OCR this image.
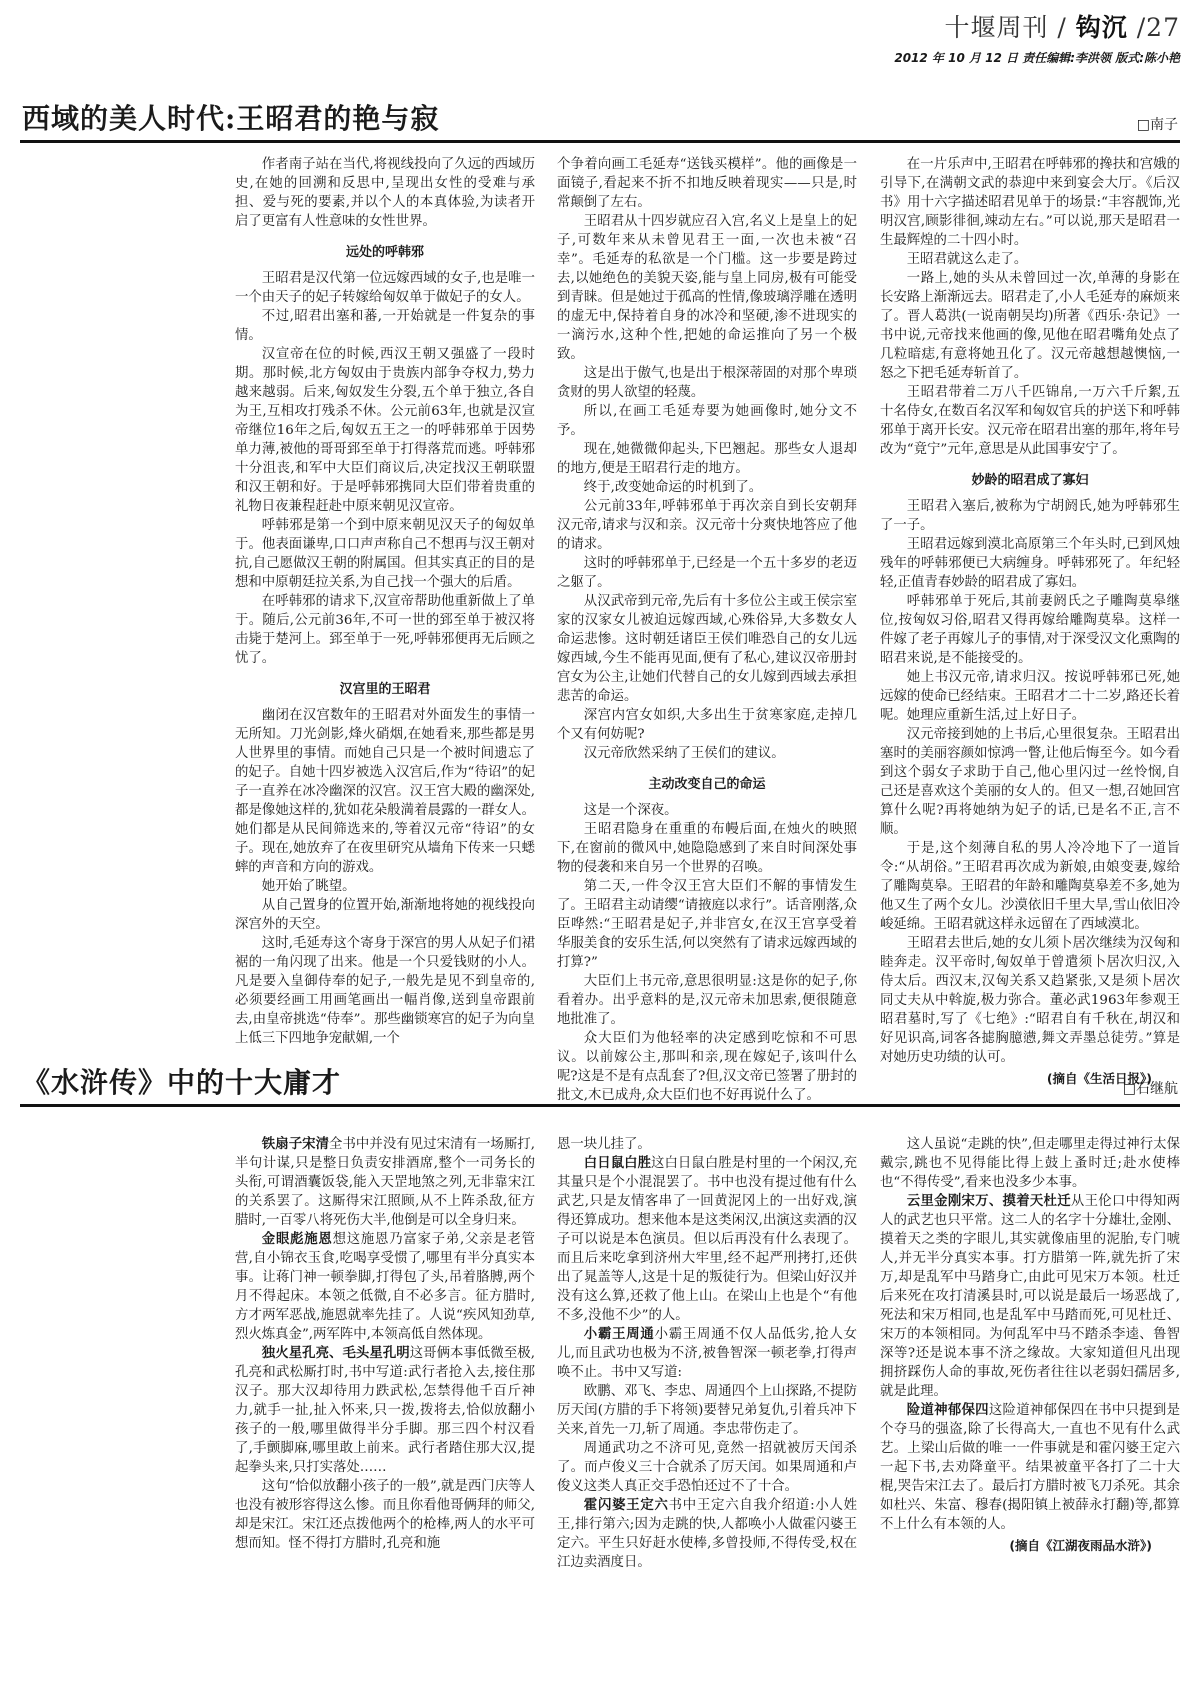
十堰周刊 / 钩沉 /27
2012 年 10 月 12 日 责任编辑:李洪领 版式:陈小艳
西域的美人时代:王昭君的艳与寂	□南子

作者南子站在当代,将视线投向了久远的西域历史,在她的回溯和反思中,呈现出女性的受难与承担、爱与死的要素,并以个人的本真体验,为读者开启了更富有人性意味的女性世界。

远处的呼韩邪

王昭君是汉代第一位远嫁西域的女子,也是唯一一个由天子的妃子转嫁给匈奴单于做妃子的女人。

不过,昭君出塞和蕃,一开始就是一件复杂的事情。

汉宣帝在位的时候,西汉王朝又强盛了一段时期。那时候,北方匈奴由于贵族内部争夺权力,势力越来越弱。后来,匈奴发生分裂,五个单于独立,各自为王,互相攻打残杀不休。公元前63年,也就是汉宣帝继位16年之后,匈奴五王之一的呼韩邪单于因势单力薄,被他的哥哥郅至单于打得落荒而逃。呼韩邪十分沮丧,和军中大臣们商议后,决定找汉王朝联盟和汉王朝和好。于是呼韩邪携同大臣们带着贵重的礼物日夜兼程赶赴中原来朝见汉宣帝。

呼韩邪是第一个到中原来朝见汉天子的匈奴单于。他表面谦卑,口口声声称自己不想再与汉王朝对抗,自己愿做汉王朝的附属国。但其实真正的目的是想和中原朝廷拉关系,为自己找一个强大的后盾。

在呼韩邪的请求下,汉宣帝帮助他重新做上了单于。随后,公元前36年,不可一世的郅至单于被汉将击毙于楚河上。郅至单于一死,呼韩邪便再无后顾之忧了。

汉宫里的王昭君

幽闭在汉宫数年的王昭君对外面发生的事情一无所知。刀光剑影,烽火硝烟,在她看来,那些都是男人世界里的事情。而她自己只是一个被时间遗忘了的妃子。自她十四岁被选入汉宫后,作为“待诏”的妃子一直养在冰冷幽深的汉宫。汉王宫大殿的幽深处,都是像她这样的,犹如花朵般満着晨露的一群女人。她们都是从民间筛选来的,等着汉元帝“待诏”的女子。现在,她放弃了在夜里研究从墙角下传来一只蟋蟀的声音和方向的游戏。

她开始了眺望。

从自己置身的位置开始,渐渐地将她的视线投向深宫外的天空。

这时,毛延寿这个寄身于深宫的男人从妃子们裙裾的一角闪现了出来。他是一个只爱钱财的小人。凡是要入皇御侍奉的妃子,一般先是见不到皇帝的,必须要经画工用画笔画出一幅肖像,送到皇帝跟前去,由皇帝挑选“侍奉”。那些幽锁寒宫的妃子为向皇上低三下四地争宠献媚,一个

个争着向画工毛延寿“送钱买模样”。他的画像是一面镜子,看起来不折不扣地反映着现实——只是,时常颠倒了左右。

王昭君从十四岁就应召入宫,名义上是皇上的妃子,可数年来从未曾见君王一面,一次也未被“召幸”。毛延寿的私欲是一个门槛。这一步要是跨过去,以她绝色的美貌天姿,能与皇上同房,极有可能受到青睐。但是她过于孤高的性情,像玻璃浮雕在透明的虚无中,保持着自身的冰冷和坚硬,渗不进现实的一滴污水,这种个性,把她的命运推向了另一个极致。

这是出于傲气,也是出于根深蒂固的对那个卑琐贪财的男人欲望的轻蔑。

所以,在画工毛延寿要为她画像时,她分文不予。

现在,她微微仰起头,下巴翘起。那些女人退却的地方,便是王昭君行走的地方。

终于,改变她命运的时机到了。

公元前33年,呼韩邪单于再次亲自到长安朝拜汉元帝,请求与汉和亲。汉元帝十分爽快地答应了他的请求。

这时的呼韩邪单于,已经是一个五十多岁的老迈之躯了。

从汉武帝到元帝,先后有十多位公主或王侯宗室家的汉家女儿被迫远嫁西域,心殊俗异,大多数女人命运悲惨。这时朝廷诸臣王侯们唯恐自己的女儿远嫁西域,今生不能再见面,便有了私心,建议汉帝册封宫女为公主,让她们代替自己的女儿嫁到西域去承担悲苦的命运。

深宫内宫女如织,大多出生于贫寒家庭,走掉几个又有何妨呢?

汉元帝欣然采纳了王侯们的建议。

主动改变自己的命运

这是一个深夜。

王昭君隐身在重重的布幔后面,在烛火的映照下,在窗前的微风中,她隐隐感到了来自时间深处事物的侵袭和来自另一个世界的召唤。

第二天,一件令汉王宫大臣们不解的事情发生了。王昭君主动请缨“请掖庭以求行”。话音刚落,众臣哗然:“王昭君是妃子,并非宫女,在汉王宫享受着华服美食的安乐生活,何以突然有了请求远嫁西域的打算?”

大臣们上书元帝,意思很明显:这是你的妃子,你看着办。出乎意料的是,汉元帝未加思索,便很随意地批准了。

众大臣们为他轻率的决定感到吃惊和不可思议。以前嫁公主,那叫和亲,现在嫁妃子,该叫什么呢?这是不是有点乱套了?但,汉文帝已签署了册封的批文,木已成舟,众大臣们也不好再说什么了。

在一片乐声中,王昭君在呼韩邪的搀扶和宫娥的引导下,在满朝文武的恭迎中来到宴会大厅。《后汉书》用十六字描述昭君见单于的场景:“丰容靓饰,光明汉宫,顾影徘徊,竦动左右。”可以说,那天是昭君一生最辉煌的二十四小时。

王昭君就这么走了。

一路上,她的头从未曾回过一次,单薄的身影在长安路上渐渐远去。昭君走了,小人毛延寿的麻烦来了。晋人葛洪(一说南朝吴均)所著《西乐·杂记》一书中说,元帝找来他画的像,见他在昭君嘴角处点了几粒暗痣,有意将她丑化了。汉元帝越想越懊恼,一怒之下把毛延寿斩首了。

王昭君带着二万八千匹锦帛,一万六千斤絮,五十名侍女,在数百名汉军和匈奴官兵的护送下和呼韩邪单于离开长安。汉元帝在昭君出塞的那年,将年号改为“竟宁”元年,意思是从此国事安宁了。

妙龄的昭君成了寡妇

王昭君入塞后,被称为宁胡阏氏,她为呼韩邪生了一子。

王昭君远嫁到漠北高原第三个年头时,已到风烛残年的呼韩邪便已大病缠身。呼韩邪死了。年纪轻轻,正值青春妙龄的昭君成了寡妇。

呼韩邪单于死后,其前妻阏氏之子雕陶莫皋继位,按匈奴习俗,昭君又得再嫁给雕陶莫皋。这样一件嫁了老子再嫁儿子的事情,对于深受汉文化熏陶的昭君来说,是不能接受的。

她上书汉元帝,请求归汉。按说呼韩邪已死,她远嫁的使命已经结束。王昭君才二十二岁,路还长着呢。她理应重新生活,过上好日子。

汉元帝接到她的上书后,心里很复杂。王昭君出塞时的美丽容颜如惊鸿一瞥,让他后悔至今。如今看到这个弱女子求助于自己,他心里闪过一丝怜悯,自己还是喜欢这个美丽的女人的。但又一想,召她回宫算什么呢?再将她纳为妃子的话,已是名不正,言不顺。

于是,这个刻薄自私的男人冷冷地下了一道旨令:“从胡俗。”王昭君再次成为新娘,由娘变妻,嫁给了雕陶莫皋。王昭君的年龄和雕陶莫皋差不多,她为他又生了两个女儿。沙漠依旧千里大旱,雪山依旧冷峻延绵。王昭君就这样永远留在了西域漠北。

王昭君去世后,她的女儿须卜居次继续为汉匈和睦奔走。汉平帝时,匈奴单于曾遣须卜居次归汉,入侍太后。西汉末,汉匈关系又趋紧张,又是须卜居次同丈夫从中斡旋,极力弥合。董必武1963年参观王昭君墓时,写了《七绝》:“昭君自有千秋在,胡汉和好见识高,词客各摅胸臆懑,舞文弄墨总徒劳。”算是对她历史功绩的认可。

(摘自《生活日报》)

《水浒传》中的十大庸才	□石继航

铁扇子宋清全书中并没有见过宋清有一场厮打,半句计谋,只是整日负责安排酒席,整个一司务长的头衔,可谓酒囊饭袋,能入天罡地煞之列,无非靠宋江的关系罢了。这厮得宋江照顾,从不上阵杀敌,征方腊时,一百零八将死伤大半,他倒是可以全身归来。

金眼彪施恩想这施恩乃富家子弟,父亲是老管营,自小锦衣玉食,吃喝享受惯了,哪里有半分真实本事。让蒋门神一顿拳脚,打得包了头,吊着胳膊,两个月不得起床。本领之低微,自不必多言。征方腊时,方才两军恶战,施恩就率先挂了。人说“疾风知劲草,烈火炼真金”,两军阵中,本领高低自然体现。

独火星孔亮、毛头星孔明这哥俩本事低微至极,孔亮和武松厮打时,书中写道:武行者抢入去,接住那汉子。那大汉却待用力跌武松,怎禁得他千百斤神力,就手一扯,扯入怀来,只一拨,拨将去,恰似放翻小孩子的一般,哪里做得半分手脚。那三四个村汉看了,手颤脚麻,哪里敢上前来。武行者踏住那大汉,提起拳头来,只打实落处……

这句“恰似放翻小孩子的一般”,就是西门庆等人也没有被形容得这么惨。而且你看他哥俩拜的师父,却是宋江。宋江还点拨他两个的枪棒,两人的水平可想而知。怪不得打方腊时,孔亮和施

恩一块儿挂了。

白日鼠白胜这白日鼠白胜是村里的一个闲汉,充其量只是个小混混罢了。书中也没有提过他有什么武艺,只是友情客串了一回黄泥冈上的一出好戏,演得还算成功。想来他本是这类闲汉,出演这卖酒的汉子可以说是本色演员。但以后再没有什么表现了。而且后来吃拿到济州大牢里,经不起严刑拷打,还供出了晁盖等人,这是十足的叛徒行为。但梁山好汉并没有这么算,还救了他上山。在梁山上也是个“有他不多,没他不少”的人。

小霸王周通小霸王周通不仅人品低劣,抢人女儿,而且武功也极为不济,被鲁智深一顿老拳,打得声唤不止。书中又写道:

欧鹏、邓飞、李忠、周通四个上山探路,不提防厉天闰(方腊的手下将领)要替兄弟复仇,引着兵冲下关来,首先一刀,斩了周通。李忠带伤走了。

周通武功之不济可见,竟然一招就被厉天闰杀了。而卢俊义三十合就杀了厉天闰。如果周通和卢俊义这类人真正交手恐怕还过不了十合。

霍闪婆王定六书中王定六自我介绍道:小人姓王,排行第六;因为走跳的快,人都唤小人做霍闪婆王定六。平生只好赶水使棒,多曾投师,不得传受,权在江边卖酒度日。

这人虽说“走跳的快”,但走哪里走得过神行太保戴宗,跳也不见得能比得上鼓上蚤时迁;赴水使棒也“不得传受”,看来也没多少本事。

云里金刚宋万、摸着天杜迁从王伦口中得知两人的武艺也只平常。这二人的名字十分雄壮,金刚、摸着天之类的字眼儿,其实就像庙里的泥胎,专门唬人,并无半分真实本事。打方腊第一阵,就先折了宋万,却是乱军中马踏身亡,由此可见宋万本领。杜迁后来死在攻打清溪县时,可以说是最后一场恶战了,死法和宋万相同,也是乱军中马踏而死,可见杜迁、宋万的本领相同。为何乱军中马不踏杀李逵、鲁智深等?还是说本事不济之缘故。大家知道但凡出现拥挤踩伤人命的事故,死伤者往往以老弱妇孺居多,就是此理。

险道神郁保四这险道神郁保四在书中只提到是个夺马的强盗,除了长得高大,一直也不见有什么武艺。上梁山后做的唯一一件事就是和霍闪婆王定六一起下书,去劝降童平。结果被童平各打了二十大棍,哭告宋江去了。最后打方腊时被飞刀杀死。其余如杜兴、朱富、穆春(揭阳镇上被薛永打翻)等,都算不上什么有本领的人。

(摘自《江湖夜雨品水浒》)
